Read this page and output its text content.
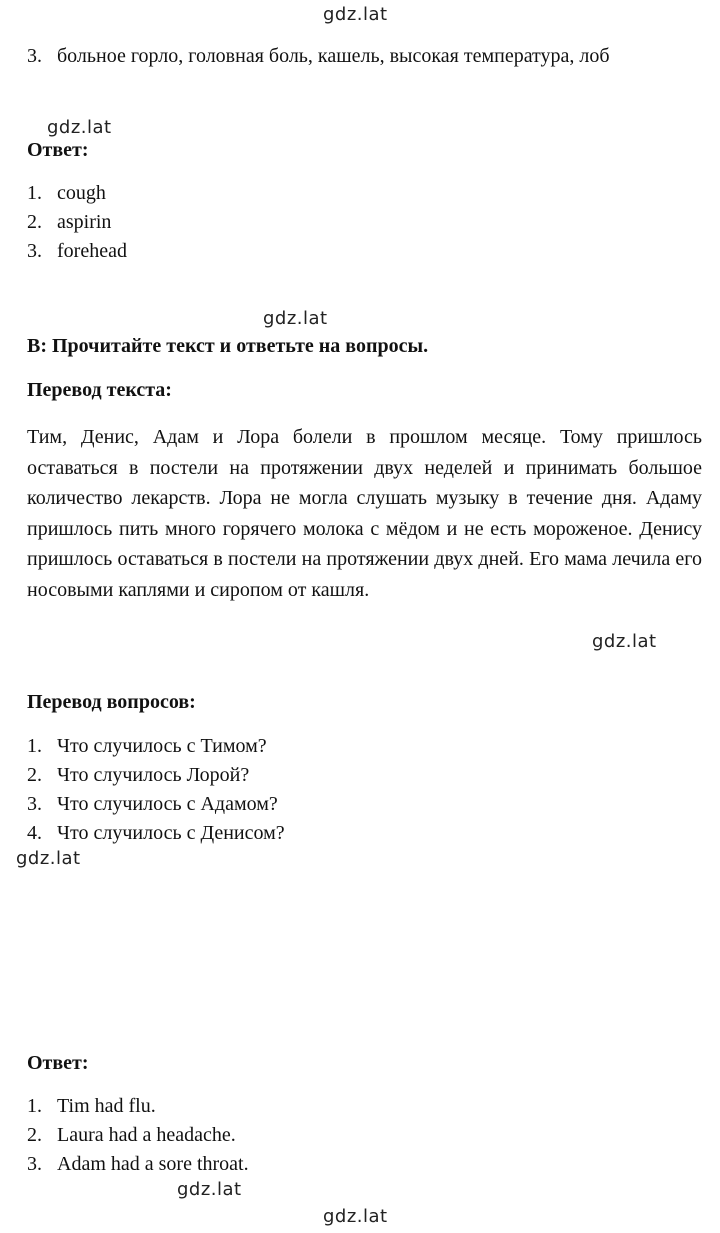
gdz.lat
gdz.lat
gdz.lat
gdz.lat
gdz.lat
gdz.lat
gdz.lat
3. больное горло, головная боль, кашель, высокая температура, лоб
Ответ:
1. cough
2. aspirin
3. forehead
B: Прочитайте текст и ответьте на вопросы.
Перевод текста:
Тим, Денис, Адам и Лора болели в прошлом месяце. Тому пришлось оставаться в постели на протяжении двух неделей и принимать большое количество лекарств. Лора не могла слушать музыку в течение дня. Адаму пришлось пить много горячего молока с мёдом и не есть мороженое. Денису пришлось оставаться в постели на протяжении двух дней. Его мама лечила его носовыми каплями и сиропом от кашля.
Перевод вопросов:
1. Что случилось с Тимом?
2. Что случилось Лорой?
3. Что случилось с Адамом?
4. Что случилось с Денисом?
Ответ:
1. Tim had flu.
2. Laura had a headache.
3. Adam had a sore throat.
